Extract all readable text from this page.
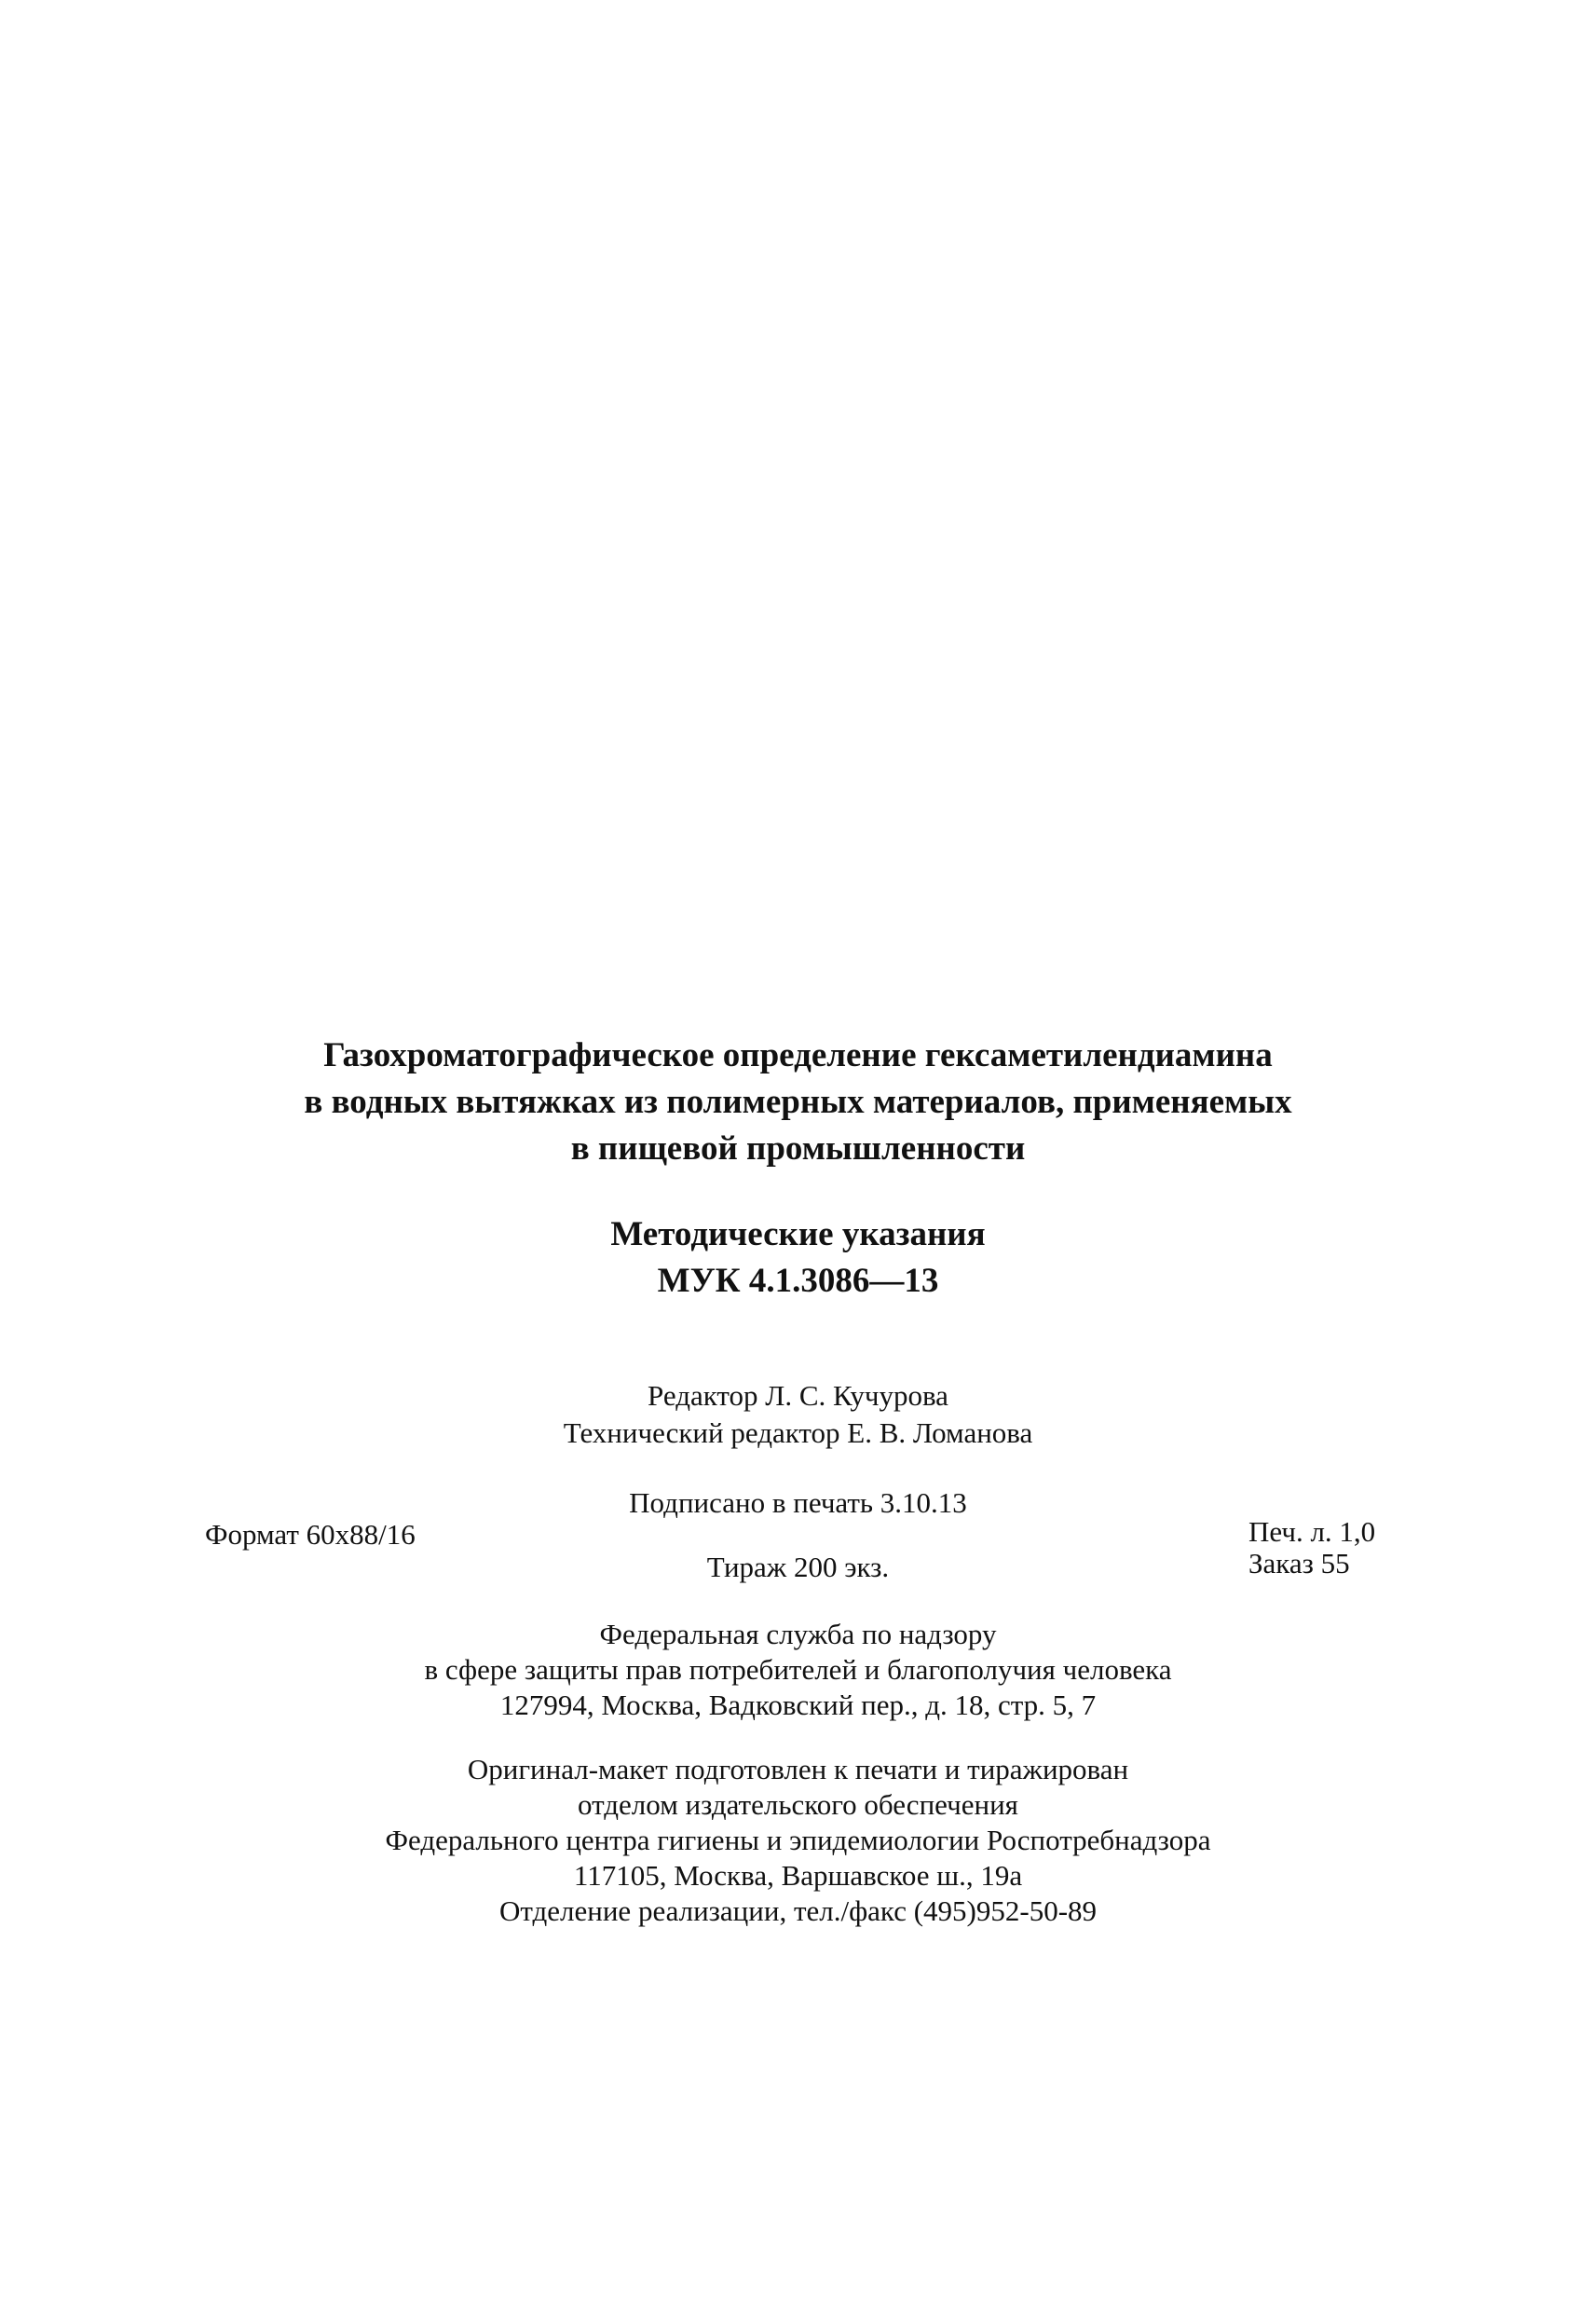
Газохроматографическое определение гексаметилендиамина
в водных вытяжках из полимерных материалов, применяемых
в пищевой промышленности
Методические указания
МУК 4.1.3086—13
Редактор Л. С. Кучурова
Технический редактор Е. В. Ломанова
Подписано в печать 3.10.13
Формат 60x88/16	Печ. л. 1,0
Заказ 55
Тираж 200 экз.
Федеральная служба по надзору
в сфере защиты прав потребителей и благополучия человека
127994, Москва, Вадковский пер., д. 18, стр. 5, 7
Оригинал-макет подготовлен к печати и тиражирован
отделом издательского обеспечения
Федерального центра гигиены и эпидемиологии Роспотребнадзора
117105, Москва, Варшавское ш., 19а
Отделение реализации, тел./факс (495)952-50-89
